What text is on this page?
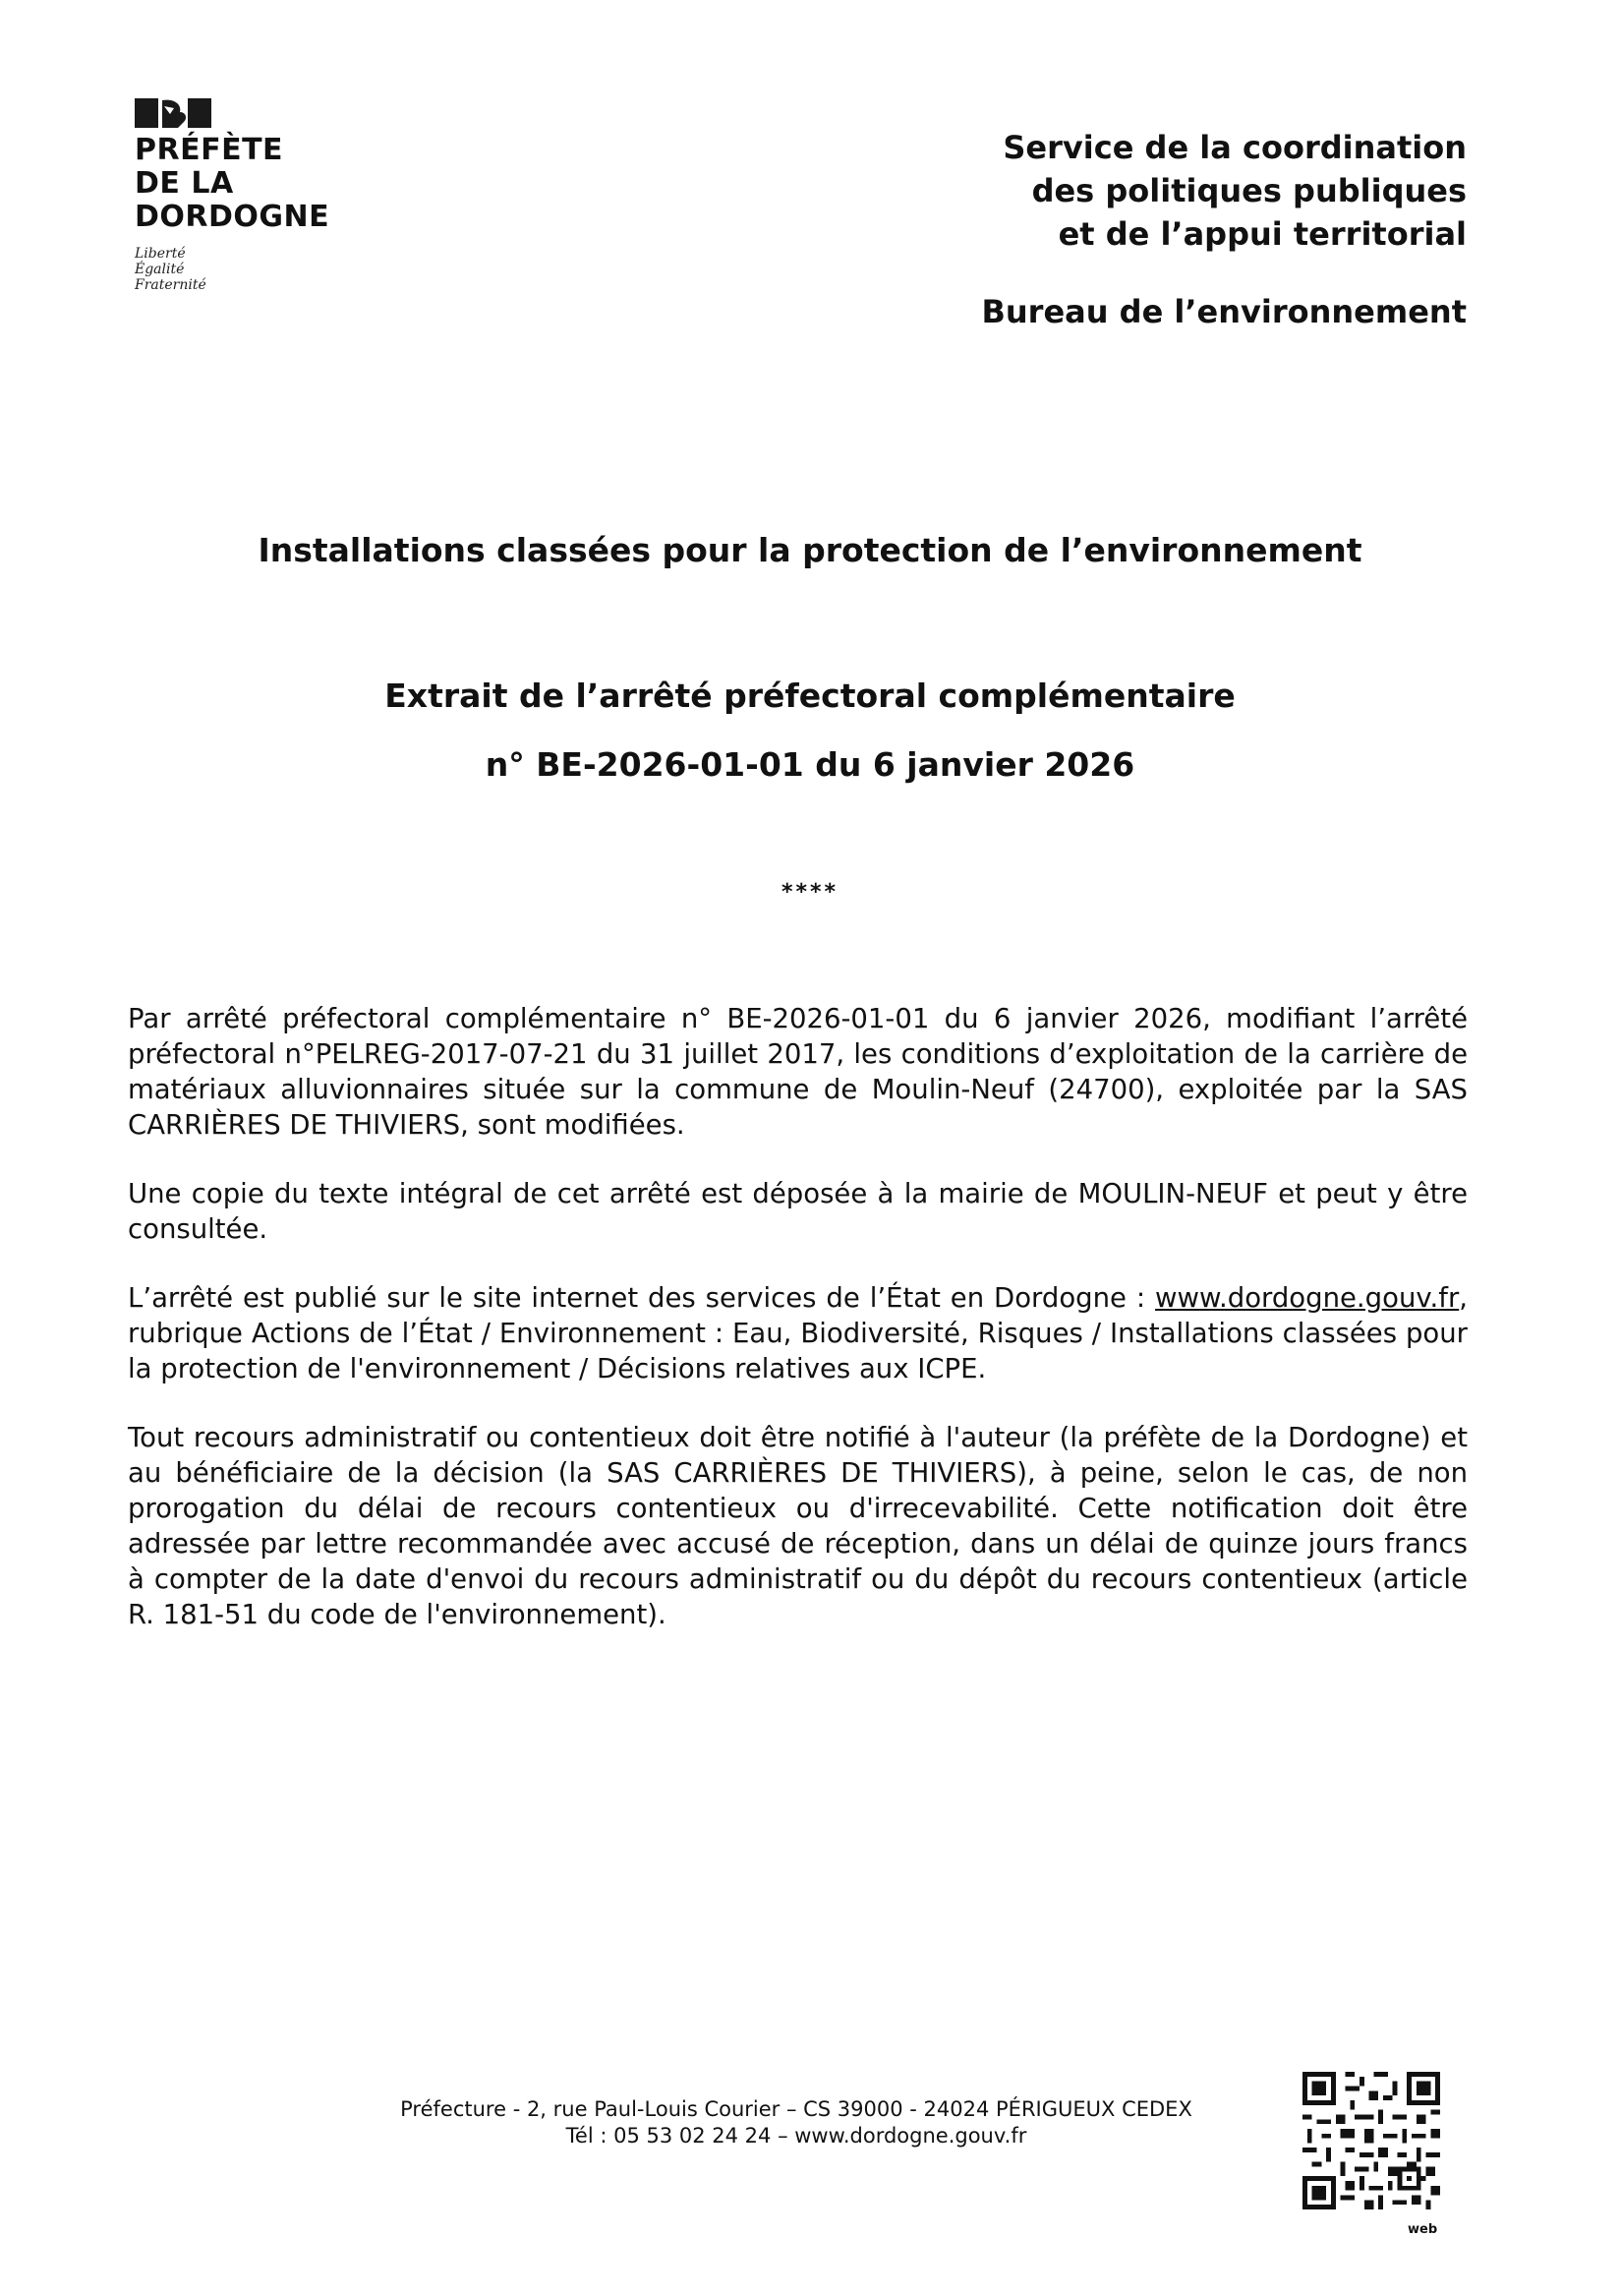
PRÉFÈTE
DE LA
DORDOGNE
Liberté
Égalité
Fraternité
Service de la coordination
des politiques publiques
et de l’appui territorial
Bureau de l’environnement
Installations classées pour la protection de l’environnement
Extrait de l’arrêté préfectoral complémentaire
n° BE-2026-01-01 du 6 janvier 2026
****

Par arrêté préfectoral complémentaire n° BE-2026-01-01 du 6 janvier 2026, modifiant l’arrêté préfectoral n°PELREG-2017-07-21 du 31 juillet 2017, les conditions d’exploitation de la carrière de matériaux alluvionnaires située sur la commune de Moulin-Neuf (24700), exploitée par la SAS CARRIÈRES DE THIVIERS, sont modifiées.

Une copie du texte intégral de cet arrêté est déposée à la mairie de MOULIN-NEUF et peut y être consultée.

L’arrêté est publié sur le site internet des services de l’État en Dordogne : www.dordogne.gouv.fr, rubrique Actions de l’État / Environnement : Eau, Biodiversité, Risques / Installations classées pour la protection de l'environnement / Décisions relatives aux ICPE.

Tout recours administratif ou contentieux doit être notifié à l'auteur (la préfète de la Dordogne) et au bénéficiaire de la décision (la SAS CARRIÈRES DE THIVIERS), à peine, selon le cas, de non prorogation du délai de recours contentieux ou d'irrecevabilité. Cette notification doit être adressée par lettre recommandée avec accusé de réception, dans un délai de quinze jours francs à compter de la date d'envoi du recours administratif ou du dépôt du recours contentieux (article R. 181-51 du code de l'environnement).

Préfecture - 2, rue Paul-Louis Courier – CS 39000 - 24024 PÉRIGUEUX CEDEX
Tél : 05 53 02 24 24 – www.dordogne.gouv.fr
web
